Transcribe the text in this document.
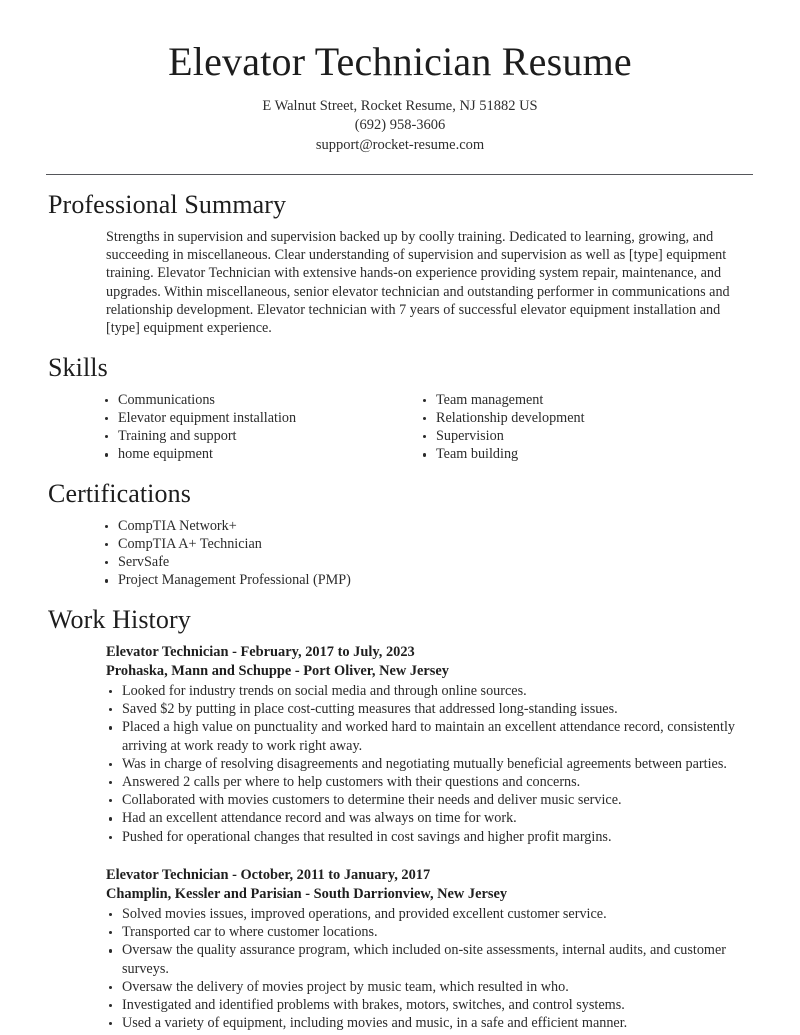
Elevator Technician Resume
E Walnut Street, Rocket Resume, NJ 51882 US
(692) 958-3606
support@rocket-resume.com
Professional Summary

Strengths in supervision and supervision backed up by coolly training. Dedicated to learning, growing, and succeeding in miscellaneous. Clear understanding of supervision and supervision as well as [type] equipment training. Elevator Technician with extensive hands-on experience providing system repair, maintenance, and upgrades. Within miscellaneous, senior elevator technician and outstanding performer in communications and relationship development. Elevator technician with 7 years of successful elevator equipment installation and [type] equipment experience.

Skills
Communications
Elevator equipment installation
Training and support
home equipment
Team management
Relationship development
Supervision
Team building
Certifications
CompTIA Network+
CompTIA A+ Technician
ServSafe
Project Management Professional (PMP)
Work History
Elevator Technician - February, 2017 to July, 2023
Prohaska, Mann and Schuppe - Port Oliver, New Jersey
Looked for industry trends on social media and through online sources.
Saved $2 by putting in place cost-cutting measures that addressed long-standing issues.
Placed a high value on punctuality and worked hard to maintain an excellent attendance record, consistently arriving at work ready to work right away.
Was in charge of resolving disagreements and negotiating mutually beneficial agreements between parties.
Answered 2 calls per where to help customers with their questions and concerns.
Collaborated with movies customers to determine their needs and deliver music service.
Had an excellent attendance record and was always on time for work.
Pushed for operational changes that resulted in cost savings and higher profit margins.
Elevator Technician - October, 2011 to January, 2017
Champlin, Kessler and Parisian - South Darrionview, New Jersey
Solved movies issues, improved operations, and provided excellent customer service.
Transported car to where customer locations.
Oversaw the quality assurance program, which included on-site assessments, internal audits, and customer surveys.
Oversaw the delivery of movies project by music team, which resulted in who.
Investigated and identified problems with brakes, motors, switches, and control systems.
Used a variety of equipment, including movies and music, in a safe and efficient manner.
